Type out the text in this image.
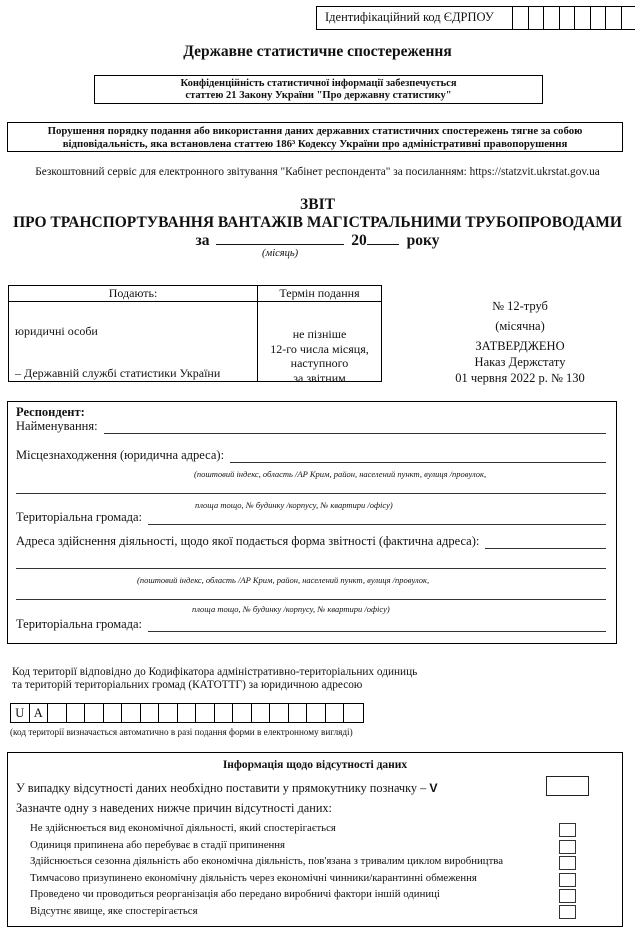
Ідентифікаційний код ЄДРПОУ
Державне статистичне спостереження
Конфіденційність статистичної інформації забезпечується
статтею 21 Закону України "Про державну статистику"
Порушення порядку подання або використання даних державних статистичних спостережень тягне за собою
відповідальність, яка встановлена статтею 186³ Кодексу України про адміністративні правопорушення
Безкоштовний сервіс для електронного звітування "Кабінет респондента" за посиланням: https://statzvit.ukrstat.gov.ua
ЗВІТ
ПРО ТРАНСПОРТУВАННЯ ВАНТАЖІВ МАГІСТРАЛЬНИМИ ТРУБОПРОВОДАМИ
за	20	року
(місяць)
Подають:	Термін подання
юридичні особи
– Державній службі статистики України
не пізніше
12-го числа місяця,
наступного
за звітним
№ 12-труб
(місячна)
ЗАТВЕРДЖЕНО
Наказ Держстату
01 червня 2022 р. № 130
Респондент:
Найменування:
Місцезнаходження (юридична адреса):
(поштовий індекс, область /АР Крим, район, населений пункт, вулиця /провулок,
площа тощо, № будинку /корпусу, № квартири /офісу)
Територіальна громада:
Адреса здійснення діяльності, щодо якої подається форма звітності (фактична адреса):
(поштовий індекс, область /АР Крим, район, населений пункт, вулиця /провулок,
площа тощо, № будинку /корпусу, № квартири /офісу)
Територіальна громада:
Код території відповідно до Кодифікатора адміністративно-територіальних одиниць
та територій територіальних громад (КАТОТТГ) за юридичною адресою
U A
(код території визначається автоматично в разі подання форми в електронному вигляді)
Інформація щодо відсутності даних
У випадку відсутності даних необхідно поставити у прямокутнику позначку – V
Зазначте одну з наведених нижче причин відсутності даних:
Не здійснюється вид економічної діяльності, який спостерігається
Одиниця припинена або перебуває в стадії припинення
Здійснюється сезонна діяльність або економічна діяльність, пов'язана з тривалим циклом виробництва
Тимчасово призупинено економічну діяльність через економічні чинники/карантинні обмеження
Проведено чи проводиться реорганізація або передано виробничі фактори іншій одиниці
Відсутнє явище, яке спостерігається
